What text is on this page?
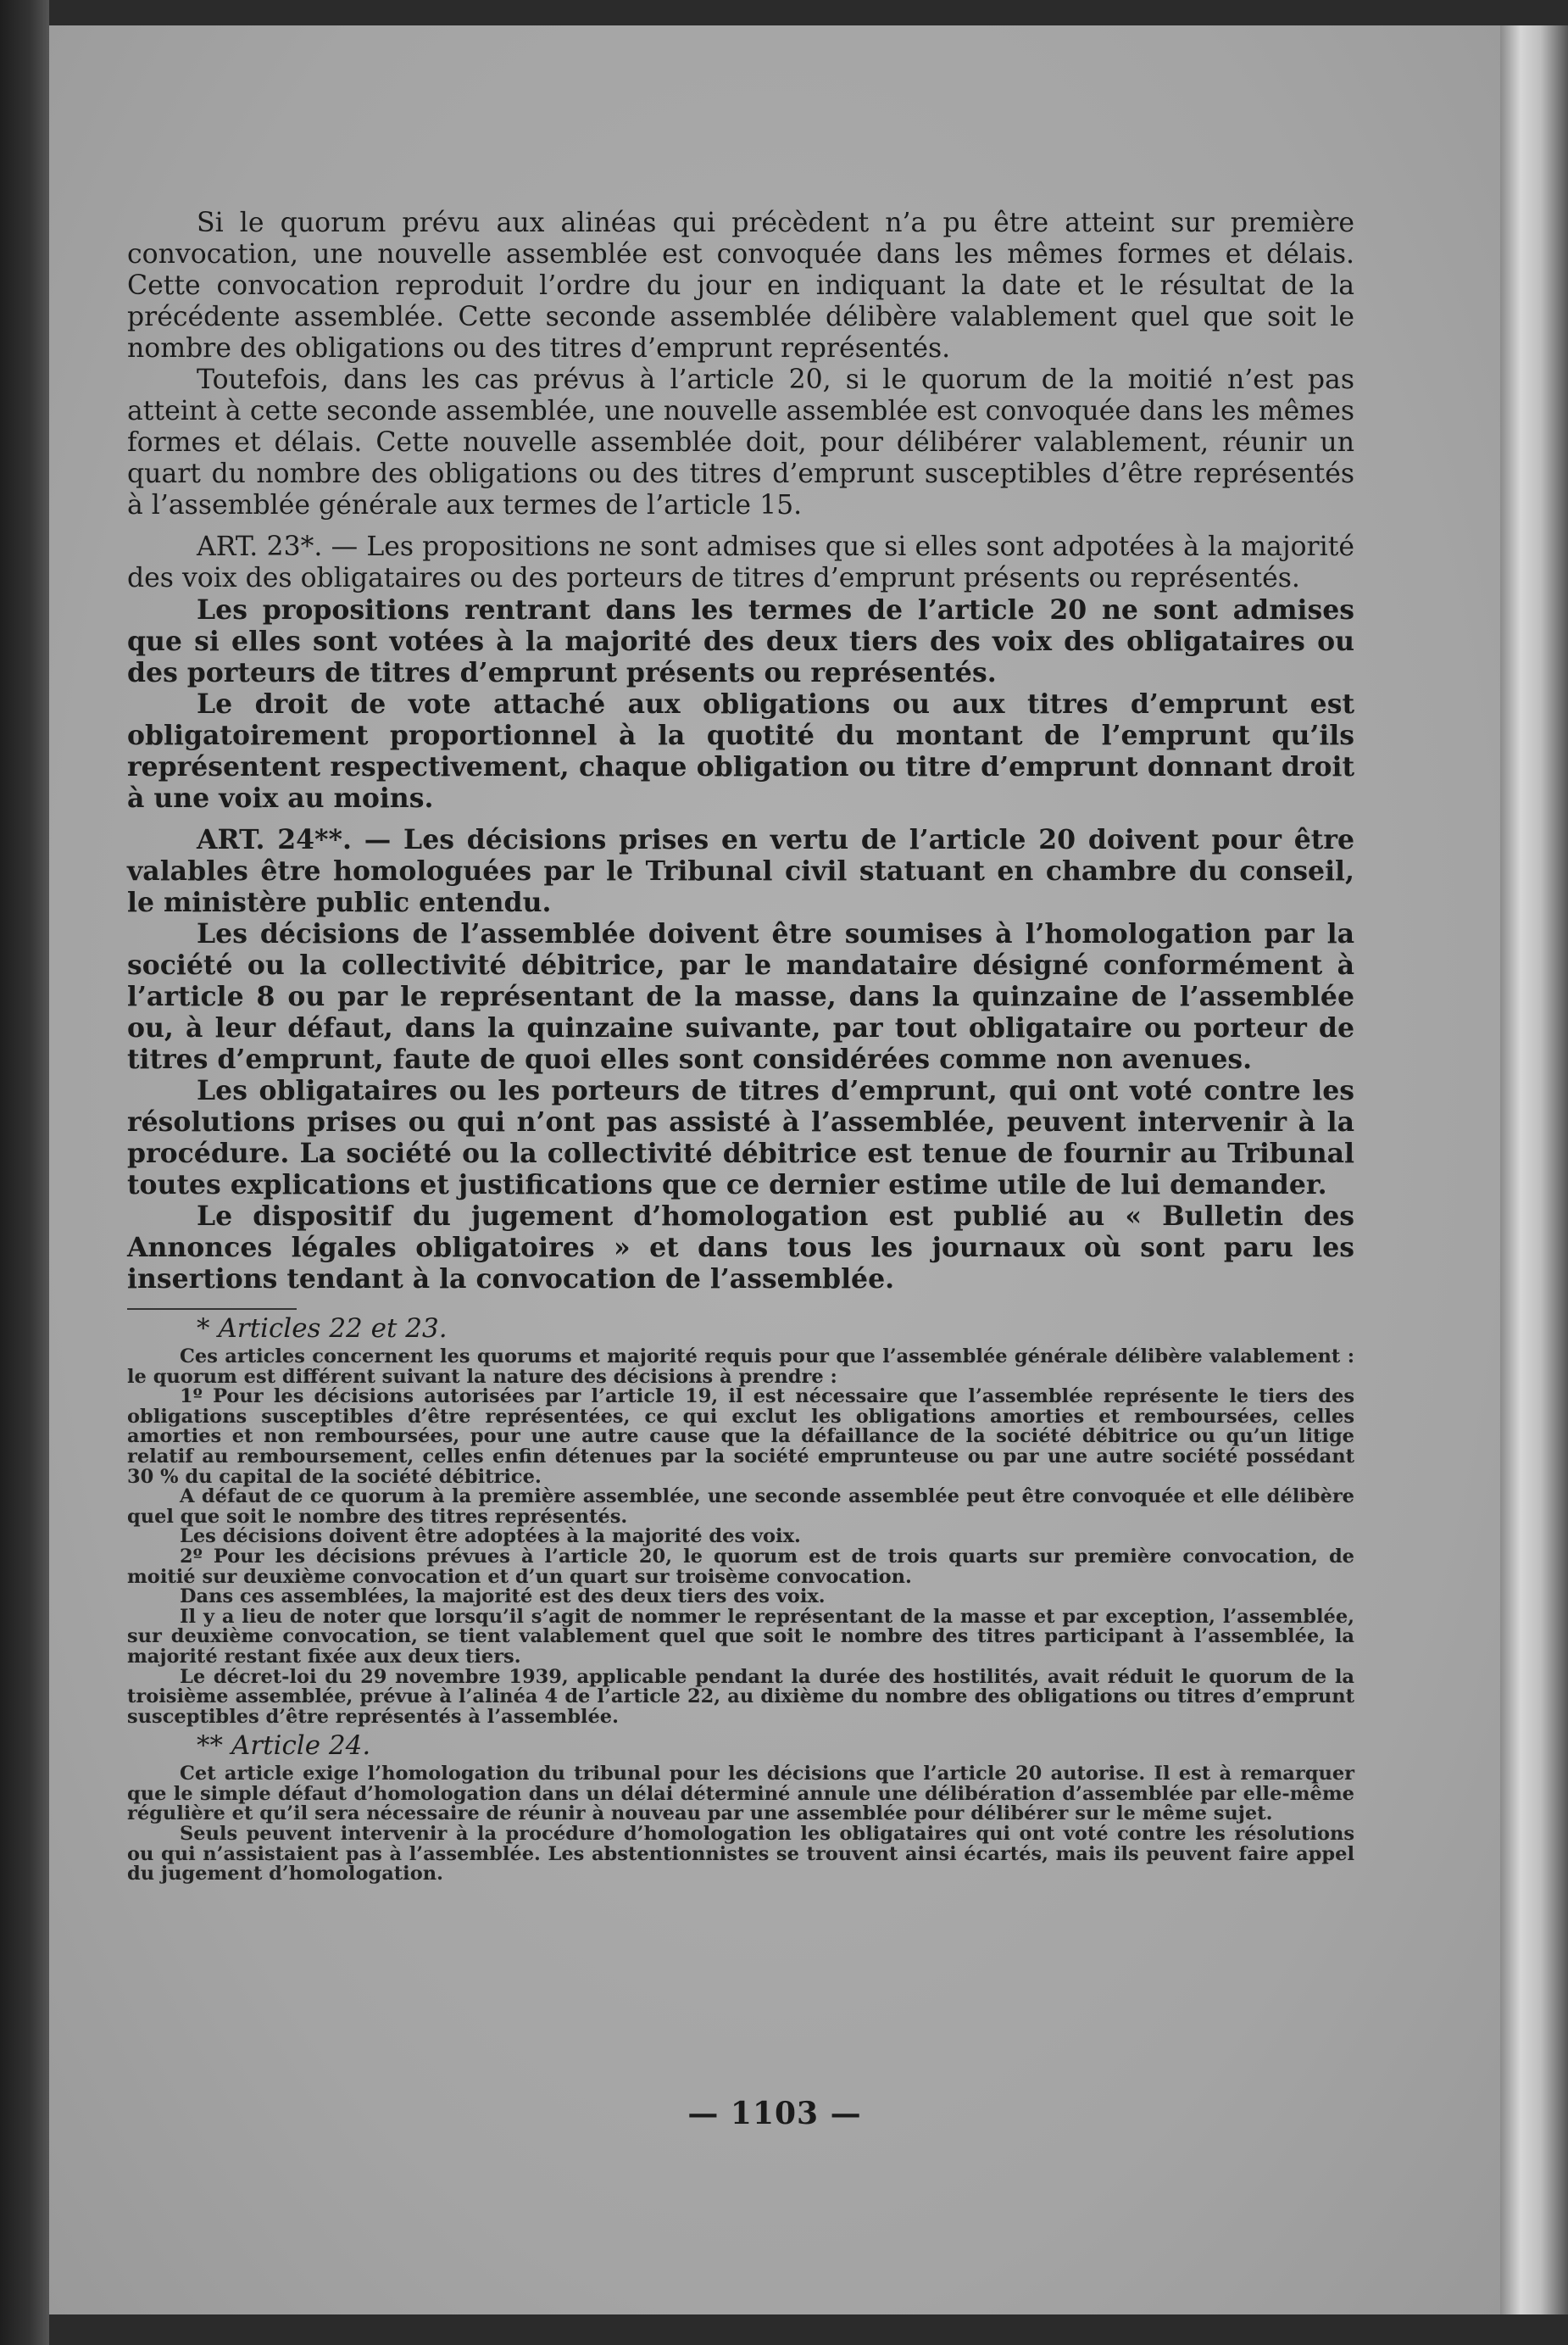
Si le quorum prévu aux alinéas qui précèdent n’a pu être atteint sur première convocation, une nouvelle assemblée est convoquée dans les mêmes formes et délais. Cette convocation reproduit l’ordre du jour en indiquant la date et le résultat de la précédente assemblée. Cette seconde assemblée délibère valablement quel que soit le nombre des obligations ou des titres d’emprunt représentés.

Toutefois, dans les cas prévus à l’article 20, si le quorum de la moitié n’est pas atteint à cette seconde assemblée, une nouvelle assemblée est convoquée dans les mêmes formes et délais. Cette nouvelle assemblée doit, pour délibérer valablement, réunir un quart du nombre des obligations ou des titres d’emprunt susceptibles d’être représentés à l’assemblée générale aux termes de l’article 15.

ART. 23*. — Les propositions ne sont admises que si elles sont adpotées à la majorité des voix des obligataires ou des porteurs de titres d’emprunt présents ou représentés.

Les propositions rentrant dans les termes de l’article 20 ne sont admises que si elles sont votées à la majorité des deux tiers des voix des obligataires ou des porteurs de titres d’emprunt présents ou représentés.

Le droit de vote attaché aux obligations ou aux titres d’emprunt est obligatoirement proportionnel à la quotité du montant de l’emprunt qu’ils représentent respectivement, chaque obligation ou titre d’emprunt donnant droit à une voix au moins.

ART. 24**. — Les décisions prises en vertu de l’article 20 doivent pour être valables être homologuées par le Tribunal civil statuant en chambre du conseil, le ministère public entendu.

Les décisions de l’assemblée doivent être soumises à l’homologation par la société ou la collectivité débitrice, par le mandataire désigné conformément à l’article 8 ou par le représentant de la masse, dans la quinzaine de l’assemblée ou, à leur défaut, dans la quinzaine suivante, par tout obligataire ou porteur de titres d’emprunt, faute de quoi elles sont considérées comme non avenues.

Les obligataires ou les porteurs de titres d’emprunt, qui ont voté contre les résolutions prises ou qui n’ont pas assisté à l’assemblée, peuvent intervenir à la procédure. La société ou la collectivité débitrice est tenue de fournir au Tribunal toutes explications et justifications que ce dernier estime utile de lui demander.

Le dispositif du jugement d’homologation est publié au « Bulletin des Annonces légales obligatoires » et dans tous les journaux où sont paru les insertions tendant à la convocation de l’assemblée.

* Articles 22 et 23.

Ces articles concernent les quorums et majorité requis pour que l’assemblée générale délibère valablement : le quorum est différent suivant la nature des décisions à prendre :

1º Pour les décisions autorisées par l’article 19, il est nécessaire que l’assemblée représente le tiers des obligations susceptibles d’être représentées, ce qui exclut les obligations amorties et remboursées, celles amorties et non remboursées, pour une autre cause que la défaillance de la société débitrice ou qu’un litige relatif au remboursement, celles enfin détenues par la société emprunteuse ou par une autre société possédant 30 % du capital de la société débitrice.

A défaut de ce quorum à la première assemblée, une seconde assemblée peut être convoquée et elle délibère quel que soit le nombre des titres représentés.

Les décisions doivent être adoptées à la majorité des voix.

2º Pour les décisions prévues à l’article 20, le quorum est de trois quarts sur première convocation, de moitié sur deuxième convocation et d’un quart sur troisème convocation.

Dans ces assemblées, la majorité est des deux tiers des voix.

Il y a lieu de noter que lorsqu’il s’agit de nommer le représentant de la masse et par exception, l’assemblée, sur deuxième convocation, se tient valablement quel que soit le nombre des titres participant à l’assemblée, la majorité restant fixée aux deux tiers.

Le décret-loi du 29 novembre 1939, applicable pendant la durée des hostilités, avait réduit le quorum de la troisième assemblée, prévue à l’alinéa 4 de l’article 22, au dixième du nombre des obligations ou titres d’emprunt susceptibles d’être représentés à l’assemblée.

** Article 24.

Cet article exige l’homologation du tribunal pour les décisions que l’article 20 autorise. Il est à remarquer que le simple défaut d’homologation dans un délai déterminé annule une délibération d’assemblée par elle-même régulière et qu’il sera nécessaire de réunir à nouveau par une assemblée pour délibérer sur le même sujet.

Seuls peuvent intervenir à la procédure d’homologation les obligataires qui ont voté contre les résolutions ou qui n’assistaient pas à l’assemblée. Les abstentionnistes se trouvent ainsi écartés, mais ils peuvent faire appel du jugement d’homologation.

— 1103 —
